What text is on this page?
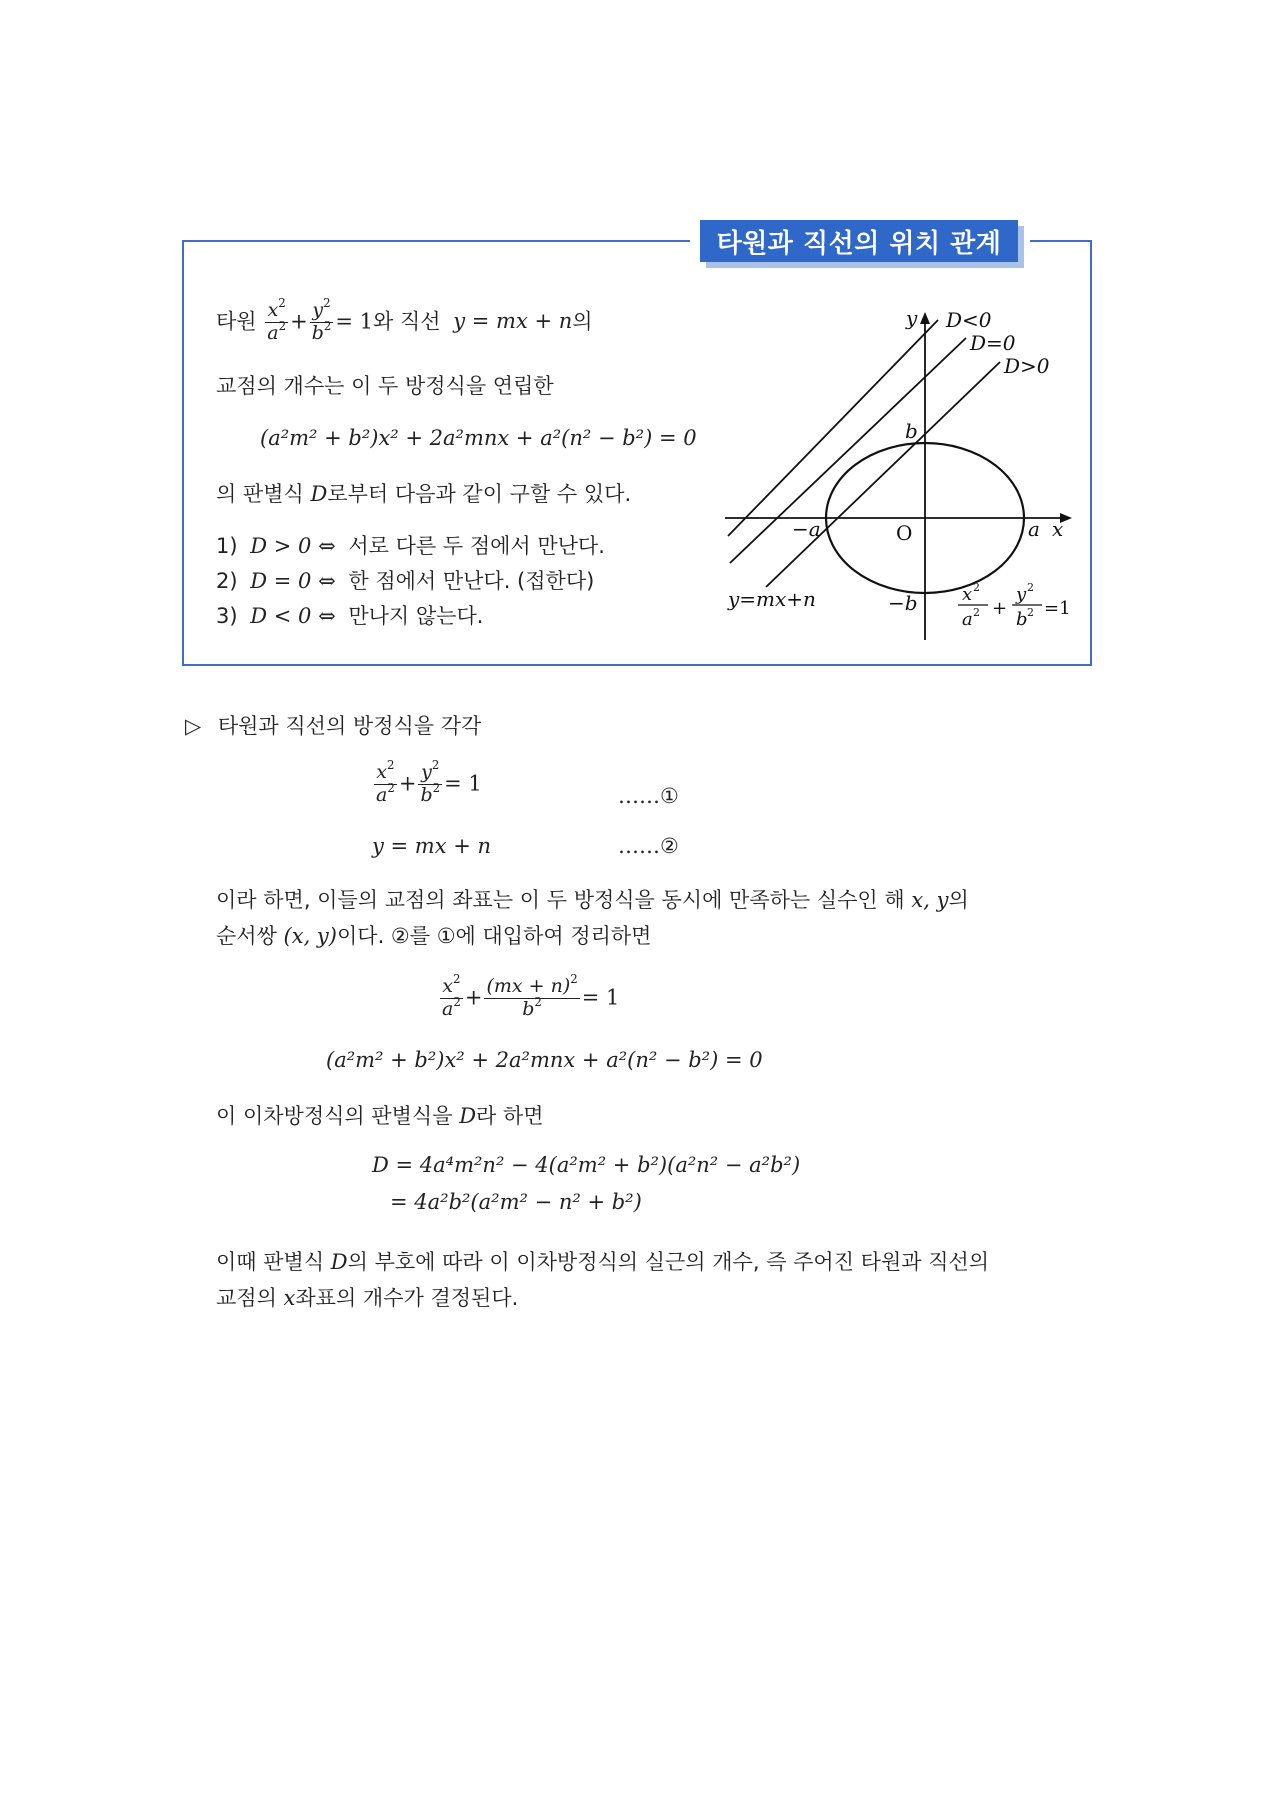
타원과 직선의 위치 관계
타원 $\frac{x^2}{a^2} + \frac{y^2}{b^2} = 1$와 직선 y = mx + n의
교점의 개수는 이 두 방정식을 연립한
(a²m² + b²)x² + 2a²mnx + a²(n² − b²) = 0
의 판별식 D로부터 다음과 같이 구할 수 있다.
1) D > 0 ⇔ 서로 다른 두 점에서 만난다.
2) D = 0 ⇔ 한 점에서 만난다. (접한다)
3) D < 0 ⇔ 만나지 않는다.
y
x
O
b
−b
a
−a
y=mx+n
D<0
D=0
D>0
x 2
a 2 +
y 2
b 2 =1
▷ 타원과 직선의 방정식을 각각
$\frac{x^2}{a^2} + \frac{y^2}{b^2} = 1$
……①
y = mx + n	……②
이라 하면, 이들의 교점의 좌표는 이 두 방정식을 동시에 만족하는 실수인 해 x, y의
순서쌍 (x, y)이다. ②를 ①에 대입하여 정리하면
$\frac{x^2}{a^2} + \frac{(mx + n)^2}{b^2} = 1$
(a²m² + b²)x² + 2a²mnx + a²(n² − b²) = 0
이 이차방정식의 판별식을 D라 하면
D = 4a⁴m²n² − 4(a²m² + b²)(a²n² − a²b²)
= 4a²b²(a²m² − n² + b²)
이때 판별식 D의 부호에 따라 이 이차방정식의 실근의 개수, 즉 주어진 타원과 직선의
교점의 x좌표의 개수가 결정된다.
